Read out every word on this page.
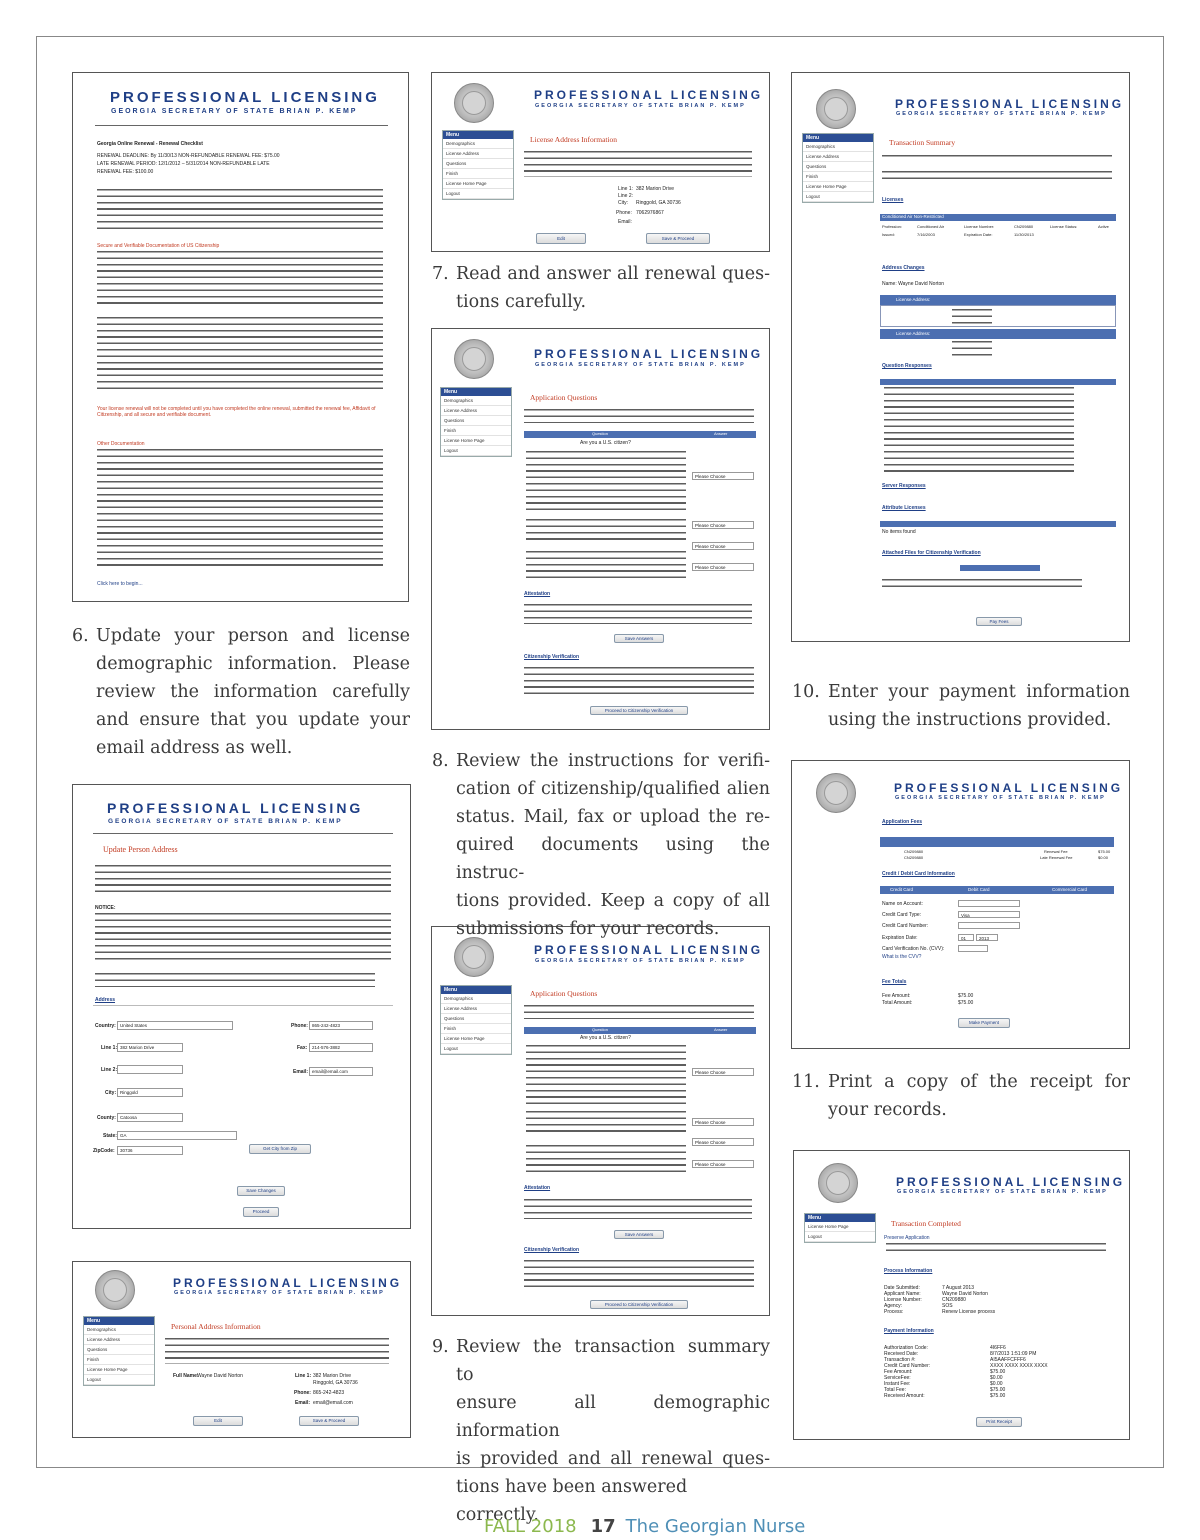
PROFESSIONAL LICENSING
GEORGIA SECRETARY OF STATE BRIAN P. KEMP
Georgia Online Renewal - Renewal Checklist
RENEWAL DEADLINE: By 11/30/13 NON-REFUNDABLE RENEWAL FEE: $75.00
LATE RENEWAL PERIOD: 12/1/2012 – 5/31/2014 NON-REFUNDABLE LATE
RENEWAL FEE: $100.00
Secure and Verifiable Documentation of US Citizenship
Your license renewal will not be completed until you have completed the online renewal, submitted the renewal fee, Affidavit of Citizenship, and all secure and verifiable document.
Other Documentation
Click here to begin...
PROFESSIONAL LICENSING
GEORGIA SECRETARY OF STATE BRIAN P. KEMP
Menu
Demographics
License Address
Questions
Finish
License Home Page
Logout
License Address Information
Line 1: 382 Marion Drive
Line 2:
City: Ringgold, GA 30736
Phone: 7062976867
Email:
Edit	Save & Proceed
PROFESSIONAL LICENSING
GEORGIA SECRETARY OF STATE BRIAN P. KEMP
Menu
Demographics
License Address
Questions
Finish
License Home Page
Logout
Application Questions
Question	Answer
Are you a U.S. citizen?
Please Choose
Please Choose
Please Choose
Please Choose
Attestation
Save Answers
Citizenship Verification
Proceed to Citizenship Verification
PROFESSIONAL LICENSING
GEORGIA SECRETARY OF STATE BRIAN P. KEMP
Menu
Demographics
License Address
Questions
Finish
License Home Page
Logout
Application Questions
Question	Answer
Are you a U.S. citizen?
Please Choose
Please Choose
Please Choose
Please Choose
Attestation
Save Answers
Citizenship Verification
Proceed to Citizenship Verification
PROFESSIONAL LICENSING
GEORGIA SECRETARY OF STATE BRIAN P. KEMP
Update Person Address
NOTICE:
Address
Country: United States
Line 1: 382 Marion Drive
Line 2:
City: Ringgold
County: Catoosa
State: GA
ZipCode:	30736	Get City from Zip
Phone: 865-242-4823
Fax:	214-576-3882
Email: email@email.com
Save Changes
Proceed
PROFESSIONAL LICENSING
GEORGIA SECRETARY OF STATE BRIAN P. KEMP
Menu
Demographics
License Address
Questions
Finish
License Home Page
Logout
Personal Address Information
Full Name:
Wayne David Norton	Line 1: 382 Marion Drive
Ringgold, GA 30736
Phone: 865-242-4823
Email: email@email.com
Edit	Save & Proceed
PROFESSIONAL LICENSING
GEORGIA SECRETARY OF STATE BRIAN P. KEMP
Menu
Demographics
License Address
Questions
Finish
License Home Page
Logout
Transaction Summary
Licenses
Conditioned Air Non-Restricted
Profession:	Conditioned Air	License Number:	CN209880	License Status:	Active
Issued:	7/16/2003	Expiration Date:	11/30/2013
Address Changes
Name: Wayne David Norton
License Address:
License Address:
Question Responses
Server Responses
Attribute Licenses
No items found
Attached Files for Citizenship Verification
Pay Fees
PROFESSIONAL LICENSING
GEORGIA SECRETARY OF STATE BRIAN P. KEMP
Application Fees
CN209880	Renewal Fee	$75.00
CN209880	Late Renewal Fee	$0.00
Credit / Debit Card Information
Credit Card	Debit Card	Commercial Card
Name on Account:
Credit Card Type:	Visa
Credit Card Number:
Expiration Date:	01	2013
Card Verification No. (CVV):
What is the CVV?
Fee Totals
Fee Amount:	$75.00
Total Amount:	$75.00
Make Payment
PROFESSIONAL LICENSING
GEORGIA SECRETARY OF STATE BRIAN P. KEMP
Menu
License Home Page
Logout
Transaction Completed
Preserve Application
Process Information
Date Submitted:	7 August 2013
Applicant Name:	Wayne David Norton
License Number:	CN209880
Agency:	SOS
Process:	Renew License process
Payment Information
Authorization Code:	4I6FF6
Received Date:	8/7/2013 1:51:09 PM
Transaction #:	AI5AAFFCFFF6
Credit Card Number:	XXXX XXXX XXXX XXXX
Fee Amount:	$75.00
ServiceFee:	$0.00
Instant Fee:	$0.00
Total Fee:	$75.00
Received Amount:	$75.00
Print Receipt
6. Update your person and license
demographic information. Please
review the information carefully
and ensure that you update your
email address as well.
7. Read and answer all renewal ques-
tions carefully.
8. Review the instructions for verifi-
cation of citizenship/qualified alien
status. Mail, fax or upload the re-
quired documents using the instruc-
tions provided. Keep a copy of all
submissions for your records.
9. Review the transaction summary to
ensure all demographic information
is provided and all renewal ques-
tions have been answered correctly.
10. Enter your payment information
using the instructions provided.
11. Print a copy of the receipt for
your records.
FALL 2018 17 The Georgian Nurse
